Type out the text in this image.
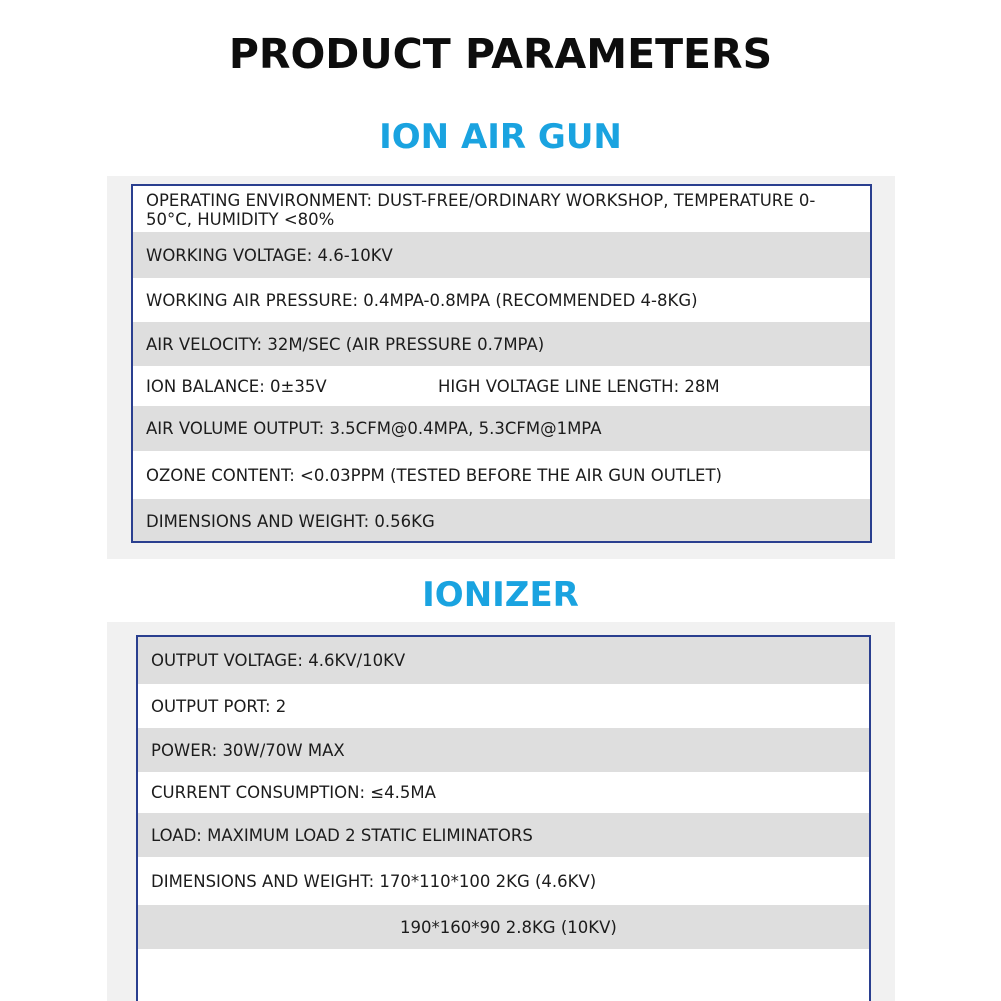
PRODUCT PARAMETERS
ION AIR GUN
OPERATING ENVIRONMENT: DUST-FREE/ORDINARY WORKSHOP, TEMPERATURE 0-50°C, HUMIDITY <80%
WORKING VOLTAGE: 4.6-10KV
WORKING AIR PRESSURE: 0.4MPA-0.8MPA (RECOMMENDED 4-8KG)
AIR VELOCITY: 32M/SEC (AIR PRESSURE 0.7MPA)
ION BALANCE: 0±35V	HIGH VOLTAGE LINE LENGTH: 28M
AIR VOLUME OUTPUT: 3.5CFM@0.4MPA, 5.3CFM@1MPA
OZONE CONTENT: <0.03PPM (TESTED BEFORE THE AIR GUN OUTLET)
DIMENSIONS AND WEIGHT: 0.56KG
IONIZER
OUTPUT VOLTAGE: 4.6KV/10KV
OUTPUT PORT: 2
POWER: 30W/70W MAX
CURRENT CONSUMPTION: ≤4.5MA
LOAD: MAXIMUM LOAD 2 STATIC ELIMINATORS
DIMENSIONS AND WEIGHT: 170*110*100 2KG (4.6KV)
190*160*90 2.8KG (10KV)
